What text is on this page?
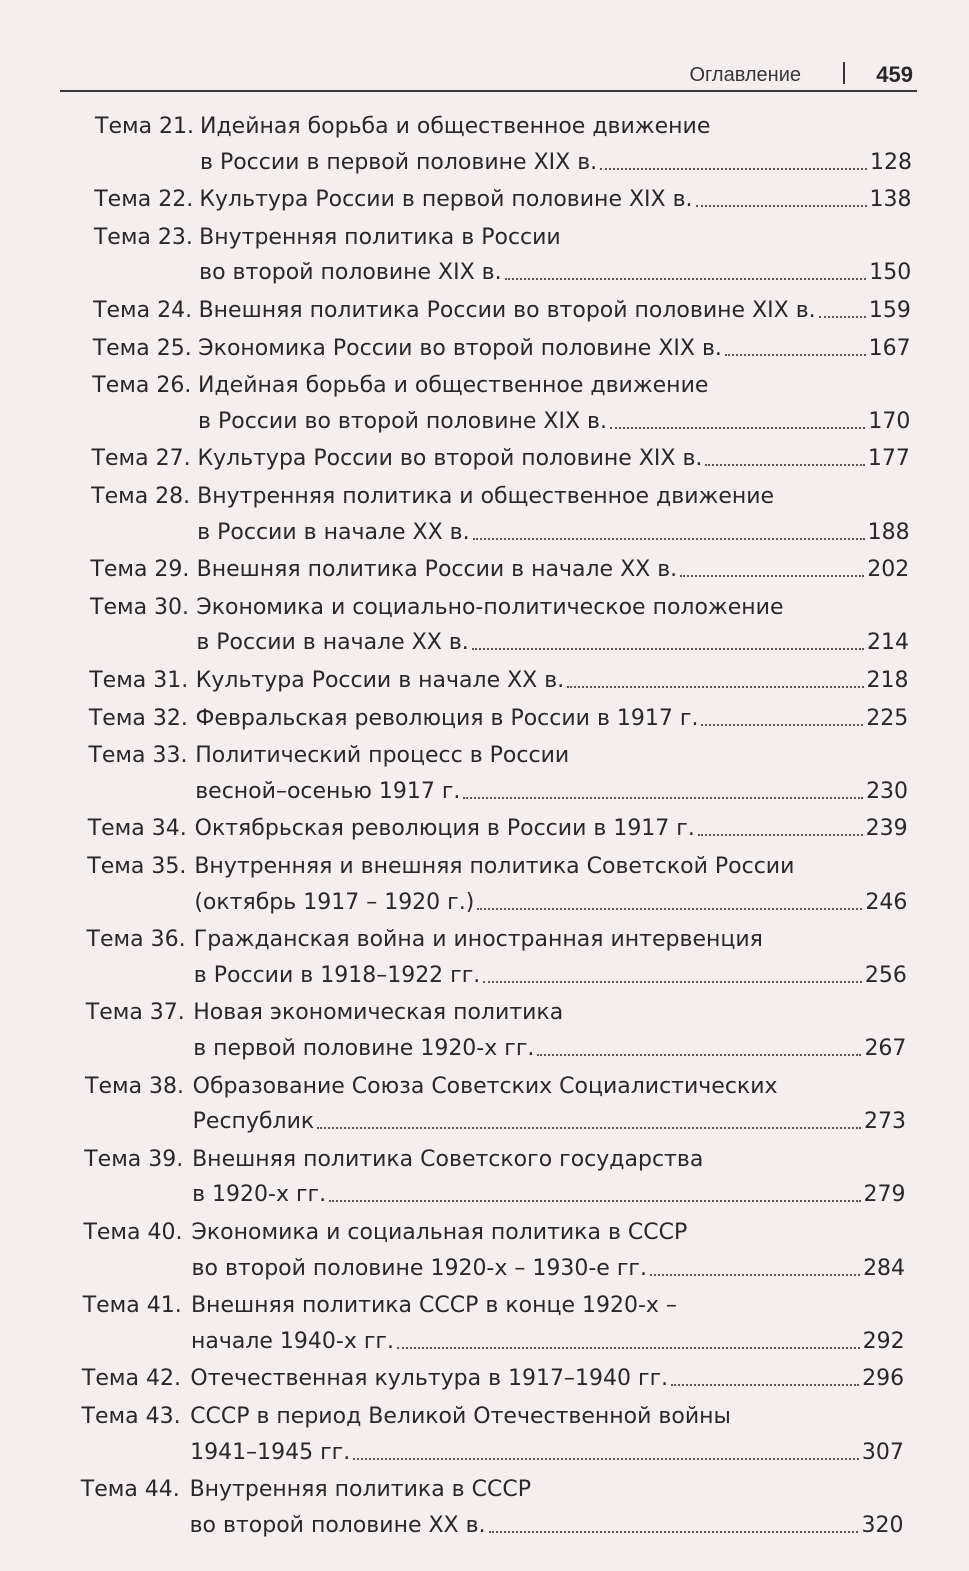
Оглавление	459
Тема 21. Идейная борьба и общественное движение
в России в первой половине XIX в.	128
Тема 22. Культура России в первой половине XIX в.	138
Тема 23. Внутренняя политика в России
во второй половине XIX в.	150
Тема 24. Внешняя политика России во второй половине XIX в. 159
Тема 25. Экономика России во второй половине XIX в.	167
Тема 26. Идейная борьба и общественное движение
в России во второй половине XIX в.	170
Тема 27. Культура России во второй половине XIX в.	177
Тема 28. Внутренняя политика и общественное движение
в России в начале XX в.	188
Тема 29. Внешняя политика России в начале XX в.	202
Тема 30. Экономика и социально-политическое положение
в России в начале XX в.	214
Тема 31. Культура России в начале XX в.	218
Тема 32. Февральская революция в России в 1917 г.	225
Тема 33. Политический процесс в России
весной–осенью 1917 г.	230
Тема 34. Октябрьская революция в России в 1917 г.	239
Тема 35. Внутренняя и внешняя политика Советской России
(октябрь 1917 – 1920 г.)	246
Тема 36. Гражданская война и иностранная интервенция
в России в 1918–1922 гг.	256
Тема 37. Новая экономическая политика
в первой половине 1920-х гг.	267
Тема 38. Образование Союза Советских Социалистических
Республик	273
Тема 39. Внешняя политика Советского государства
в 1920-х гг.	279
Тема 40. Экономика и социальная политика в СССР
во второй половине 1920-х – 1930-е гг.	284
Тема 41. Внешняя политика СССР в конце 1920-х –
начале 1940-х гг.	292
Тема 42. Отечественная культура в 1917–1940 гг.	296
Тема 43. СССР в период Великой Отечественной войны
1941–1945 гг.	307
Тема 44. Внутренняя политика в СССР
во второй половине XX в.	320
